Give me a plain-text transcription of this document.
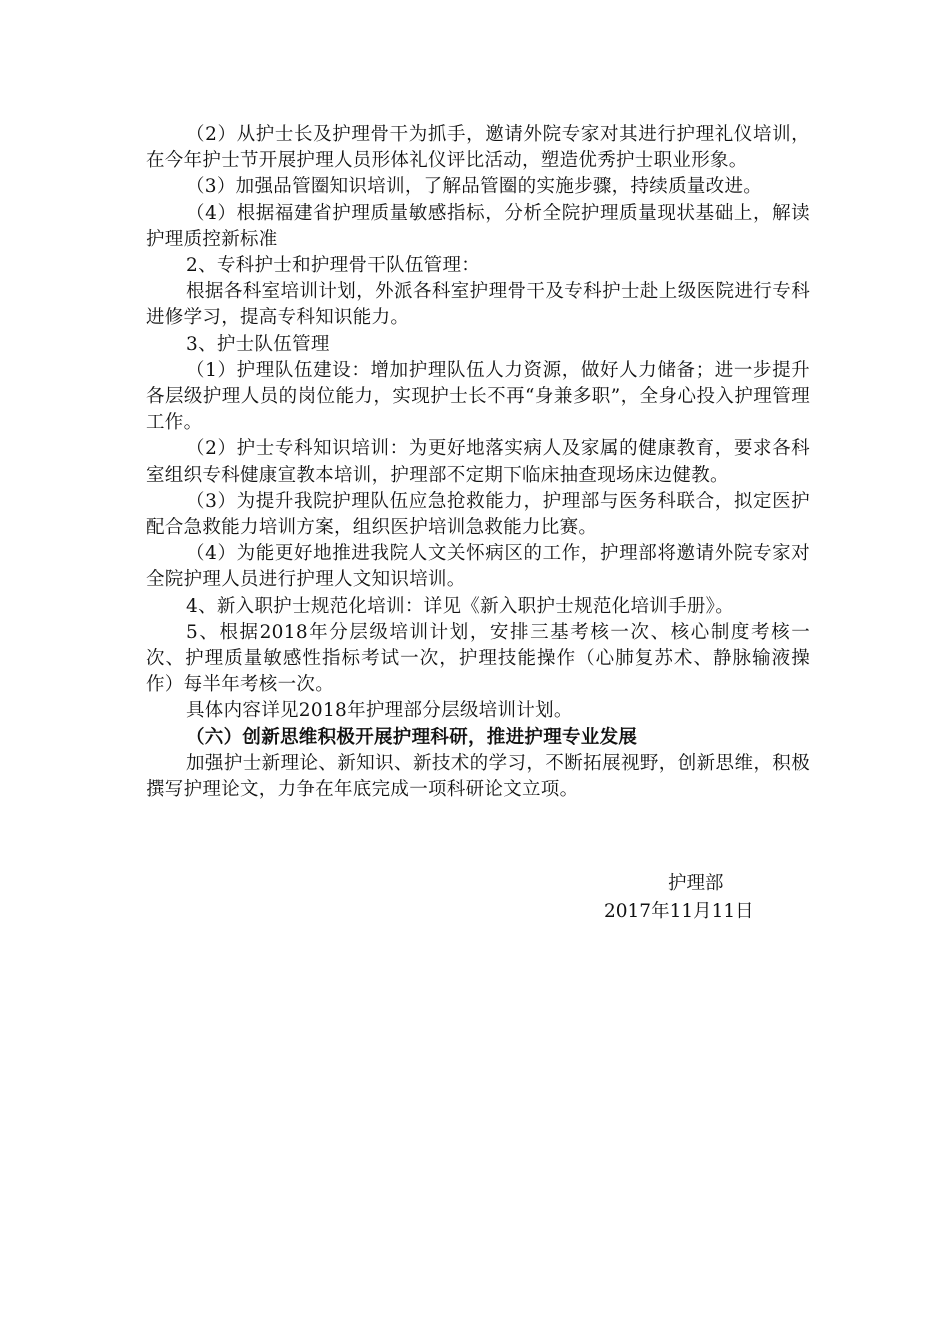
（2）从护士长及护理骨干为抓手，邀请外院专家对其进行护理礼仪培训，在今年护士节开展护理人员形体礼仪评比活动，塑造优秀护士职业形象。

（3）加强品管圈知识培训，了解品管圈的实施步骤，持续质量改进。

（4）根据福建省护理质量敏感指标，分析全院护理质量现状基础上，解读护理质控新标准

2、专科护士和护理骨干队伍管理：

根据各科室培训计划，外派各科室护理骨干及专科护士赴上级医院进行专科进修学习，提高专科知识能力。

3、护士队伍管理

（1）护理队伍建设：增加护理队伍人力资源，做好人力储备；进一步提升各层级护理人员的岗位能力，实现护士长不再“身兼多职”，全身心投入护理管理工作。

（2）护士专科知识培训：为更好地落实病人及家属的健康教育，要求各科室组织专科健康宣教本培训，护理部不定期下临床抽查现场床边健教。

（3）为提升我院护理队伍应急抢救能力，护理部与医务科联合，拟定医护配合急救能力培训方案，组织医护培训急救能力比赛。

（4）为能更好地推进我院人文关怀病区的工作，护理部将邀请外院专家对全院护理人员进行护理人文知识培训。

4、新入职护士规范化培训：详见《新入职护士规范化培训手册》。

5、根据2018年分层级培训计划，安排三基考核一次、核心制度考核一次、护理质量敏感性指标考试一次，护理技能操作（心肺复苏术、静脉输液操作）每半年考核一次。

具体内容详见2018年护理部分层级培训计划。

（六）创新思维积极开展护理科研，推进护理专业发展

加强护士新理论、新知识、新技术的学习，不断拓展视野，创新思维，积极撰写护理论文，力争在年底完成一项科研论文立项。

护理部
2017年11月11日
